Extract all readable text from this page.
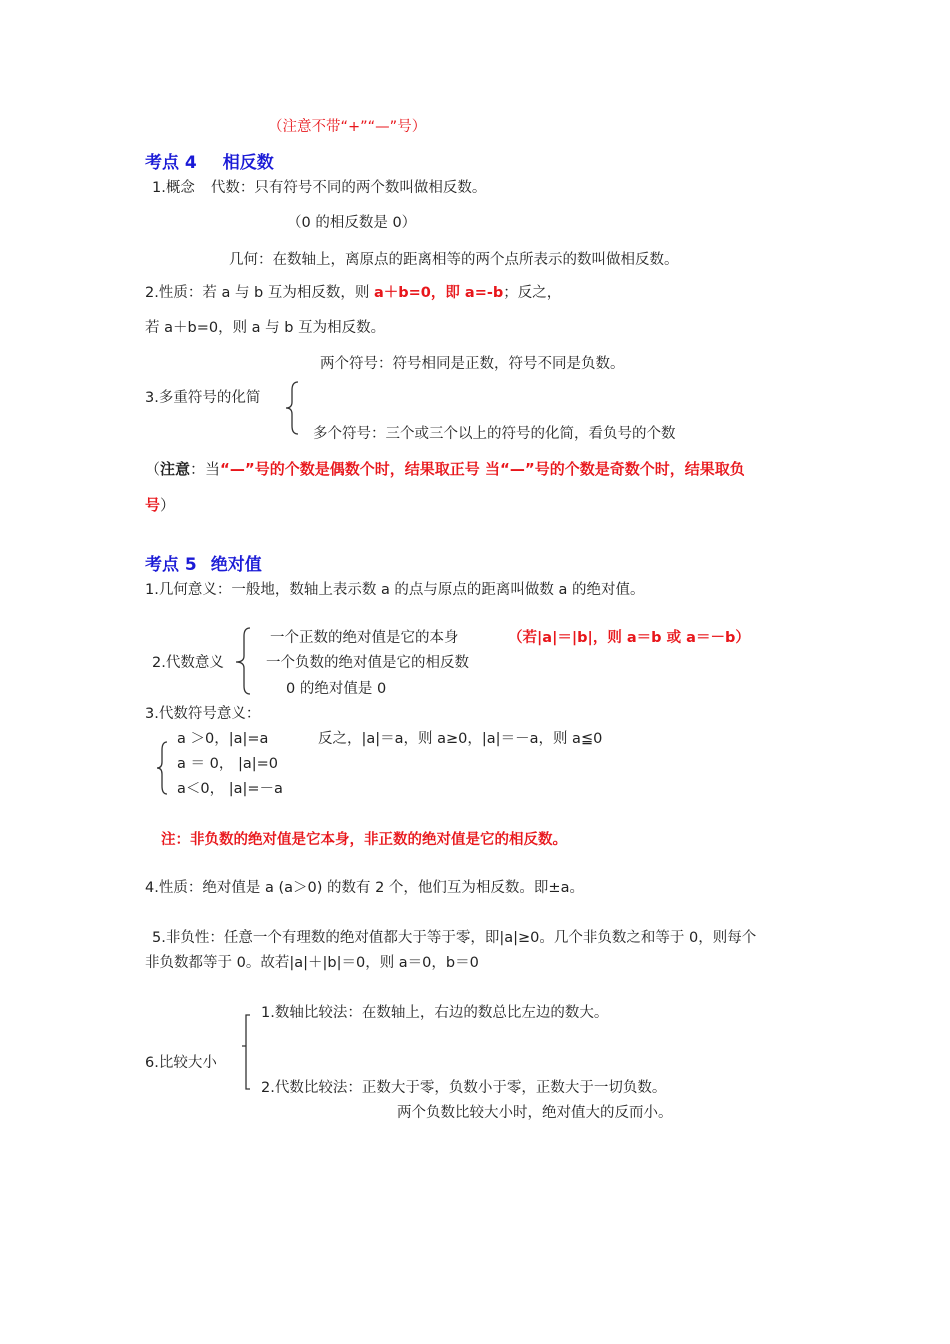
（注意不带“+”“—”号）
考点 4 相反数
1.概念 代数：只有符号不同的两个数叫做相反数。
（0 的相反数是 0）
几何：在数轴上，离原点的距离相等的两个点所表示的数叫做相反数。
2.性质：若 a 与 b 互为相反数，则 a＋b=0，即 a=-b；反之，
若 a＋b=0，则 a 与 b 互为相反数。
两个符号：符号相同是正数，符号不同是负数。
3.多重符号的化简
多个符号：三个或三个以上的符号的化简，看负号的个数
（注意：当“—”号的个数是偶数个时，结果取正号 当“—”号的个数是奇数个时，结果取负
号）
考点 5 绝对值
1.几何意义：一般地，数轴上表示数 a 的点与原点的距离叫做数 a 的绝对值。
一个正数的绝对值是它的本身	（若|a|＝|b|，则 a＝b 或 a＝－b）
2.代数意义	一个负数的绝对值是它的相反数
0 的绝对值是 0
3.代数符号意义：
a ＞0，|a|=a	反之，|a|＝a，则 a≥0，|a|＝－a，则 a≦0
a ＝ 0， |a|=0
a＜0， |a|=－a
注：非负数的绝对值是它本身，非正数的绝对值是它的相反数。
4.性质：绝对值是 a (a＞0) 的数有 2 个，他们互为相反数。即±a。
5.非负性：任意一个有理数的绝对值都大于等于零，即|a|≥0。几个非负数之和等于 0，则每个
非负数都等于 0。故若|a|＋|b|＝0，则 a＝0，b＝0
1.数轴比较法：在数轴上，右边的数总比左边的数大。
6.比较大小
2.代数比较法：正数大于零，负数小于零，正数大于一切负数。
两个负数比较大小时，绝对值大的反而小。
